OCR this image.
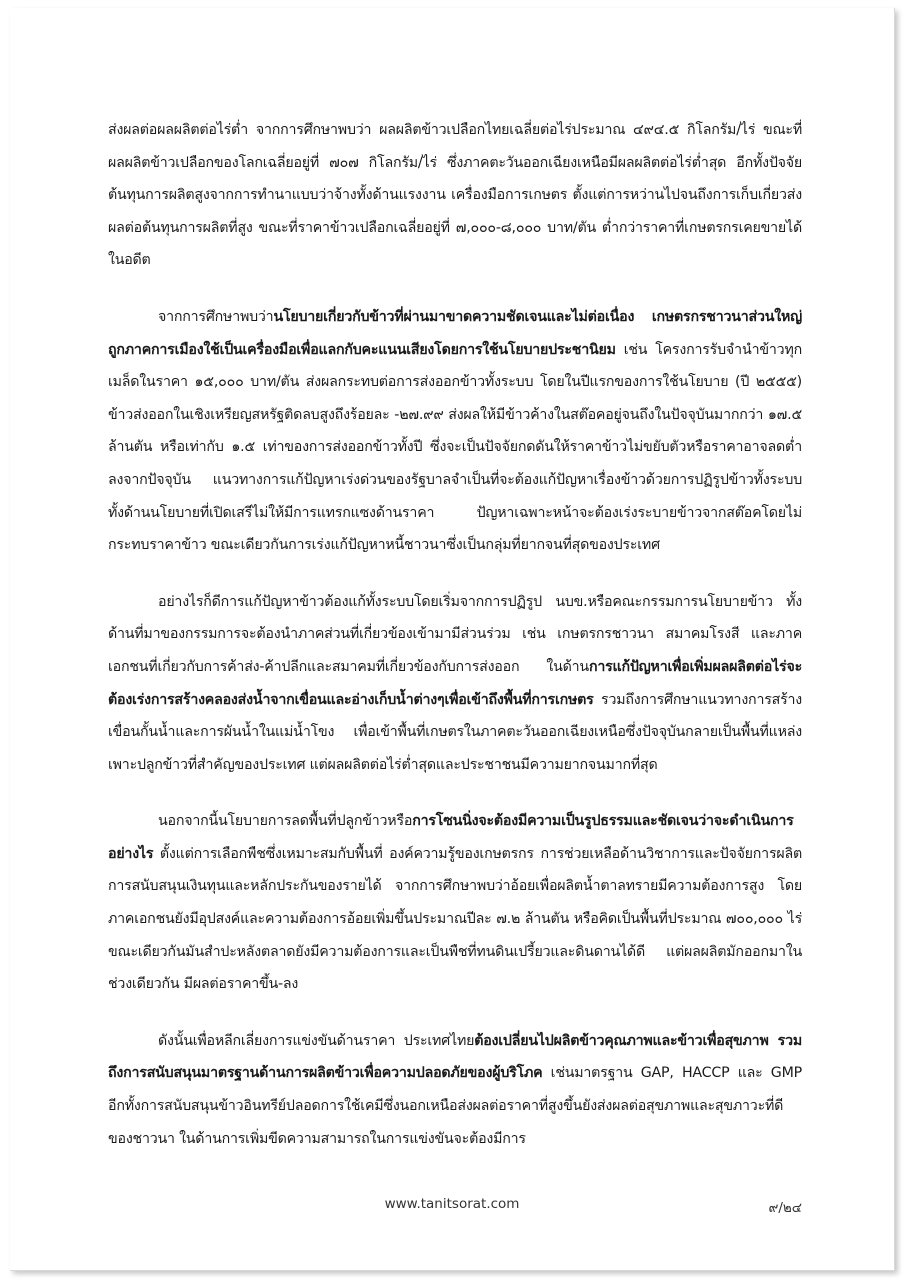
ส่งผลต่อผลผลิตต่อไร่ต่ำ จากการศึกษาพบว่า ผลผลิตข้าวเปลือกไทยเฉลี่ยต่อไร่ประมาณ ๔๙๔.๕ กิโลกรัม/ไร่ ขณะที่ผลผลิตข้าวเปลือกของโลกเฉลี่ยอยู่ที่ ๗๐๗ กิโลกรัม/ไร่ ซึ่งภาคตะวันออกเฉียงเหนือมีผลผลิตต่อไร่ต่ำสุด อีกทั้งปัจจัยต้นทุนการผลิตสูงจากการทำนาแบบว่าจ้างทั้งด้านแรงงาน เครื่องมือการเกษตร ตั้งแต่การหว่านไปจนถึงการเก็บเกี่ยวส่งผลต่อต้นทุนการผลิตที่สูง ขณะที่ราคาข้าวเปลือกเฉลี่ยอยู่ที่ ๗,๐๐๐-๘,๐๐๐ บาท/ตัน ต่ำกว่าราคาที่เกษตรกรเคยขายได้ในอดีต

จากการศึกษาพบว่านโยบายเกี่ยวกับข้าวที่ผ่านมาขาดความชัดเจนและไม่ต่อเนื่อง เกษตรกรชาวนาส่วนใหญ่ถูกภาคการเมืองใช้เป็นเครื่องมือเพื่อแลกกับคะแนนเสียงโดยการใช้นโยบายประชานิยม เช่น โครงการรับจำนำข้าวทุกเมล็ดในราคา ๑๕,๐๐๐ บาท/ตัน ส่งผลกระทบต่อการส่งออกข้าวทั้งระบบ โดยในปีแรกของการใช้นโยบาย (ปี ๒๕๕๕) ข้าวส่งออกในเชิงเหรียญสหรัฐติดลบสูงถึงร้อยละ -๒๗.๙๙ ส่งผลให้มีข้าวค้างในสต๊อคอยู่จนถึงในปัจจุบันมากกว่า ๑๗.๕ ล้านตัน หรือเท่ากับ ๑.๕ เท่าของการส่งออกข้าวทั้งปี ซึ่งจะเป็นปัจจัยกดดันให้ราคาข้าวไม่ขยับตัวหรือราคาอาจลดต่ำลงจากปัจจุบัน แนวทางการแก้ปัญหาเร่งด่วนของรัฐบาลจำเป็นที่จะต้องแก้ปัญหาเรื่องข้าวด้วยการปฏิรูปข้าวทั้งระบบ ทั้งด้านนโยบายที่เปิดเสรีไม่ให้มีการแทรกแซงด้านราคา ปัญหาเฉพาะหน้าจะต้องเร่งระบายข้าวจากสต๊อคโดยไม่กระทบราคาข้าว ขณะเดียวกันการเร่งแก้ปัญหาหนี้ชาวนาซึ่งเป็นกลุ่มที่ยากจนที่สุดของประเทศ

อย่างไรก็ดีการแก้ปัญหาข้าวต้องแก้ทั้งระบบโดยเริ่มจากการปฏิรูป นบข.หรือคณะกรรมการนโยบายข้าว ทั้งด้านที่มาของกรรมการจะต้องนำภาคส่วนที่เกี่ยวข้องเข้ามามีส่วนร่วม เช่น เกษตรกรชาวนา สมาคมโรงสี และภาคเอกชนที่เกี่ยวกับการค้าส่ง-ค้าปลีกและสมาคมที่เกี่ยวข้องกับการส่งออก ในด้านการแก้ปัญหาเพื่อเพิ่มผลผลิตต่อไร่จะต้องเร่งการสร้างคลองส่งน้ำจากเขื่อนและอ่างเก็บน้ำต่างๆเพื่อเข้าถึงพื้นที่การเกษตร รวมถึงการศึกษาแนวทางการสร้างเขื่อนกั้นน้ำและการผันน้ำในแม่น้ำโขง เพื่อเข้าพื้นที่เกษตรในภาคตะวันออกเฉียงเหนือซึ่งปัจจุบันกลายเป็นพื้นที่แหล่งเพาะปลูกข้าวที่สำคัญของประเทศ แต่ผลผลิตต่อไร่ต่ำสุดและประชาชนมีความยากจนมากที่สุด

นอกจากนี้นโยบายการลดพื้นที่ปลูกข้าวหรือการโซนนิ่งจะต้องมีความเป็นรูปธรรมและชัดเจนว่าจะดำเนินการอย่างไร ตั้งแต่การเลือกพืชซึ่งเหมาะสมกับพื้นที่ องค์ความรู้ของเกษตรกร การช่วยเหลือด้านวิชาการและปัจจัยการผลิต การสนับสนุนเงินทุนและหลักประกันของรายได้ จากการศึกษาพบว่าอ้อยเพื่อผลิตน้ำตาลทรายมีความต้องการสูง โดยภาคเอกชนยังมีอุปสงค์และความต้องการอ้อยเพิ่มขึ้นประมาณปีละ ๗.๒ ล้านตัน หรือคิดเป็นพื้นที่ประมาณ ๗๐๐,๐๐๐ ไร่ ขณะเดียวกันมันสำปะหลังตลาดยังมีความต้องการและเป็นพืชที่ทนดินเปรี้ยวและดินดานได้ดี แต่ผลผลิตมักออกมาในช่วงเดียวกัน มีผลต่อราคาขึ้น-ลง

ดังนั้นเพื่อหลีกเลี่ยงการแข่งขันด้านราคา ประเทศไทยต้องเปลี่ยนไปผลิตข้าวคุณภาพและข้าวเพื่อสุขภาพ รวมถึงการสนับสนุนมาตรฐานด้านการผลิตข้าวเพื่อความปลอดภัยของผู้บริโภค เช่นมาตรฐาน GAP, HACCP และ GMP อีกทั้งการสนับสนุนข้าวอินทรีย์ปลอดการใช้เคมีซึ่งนอกเหนือส่งผลต่อราคาที่สูงขึ้นยังส่งผลต่อสุขภาพและสุขภาวะที่ดีของชาวนา ในด้านการเพิ่มขีดความสามารถในการแข่งขันจะต้องมีการ

www.tanitsorat.com	๙/๒๔
